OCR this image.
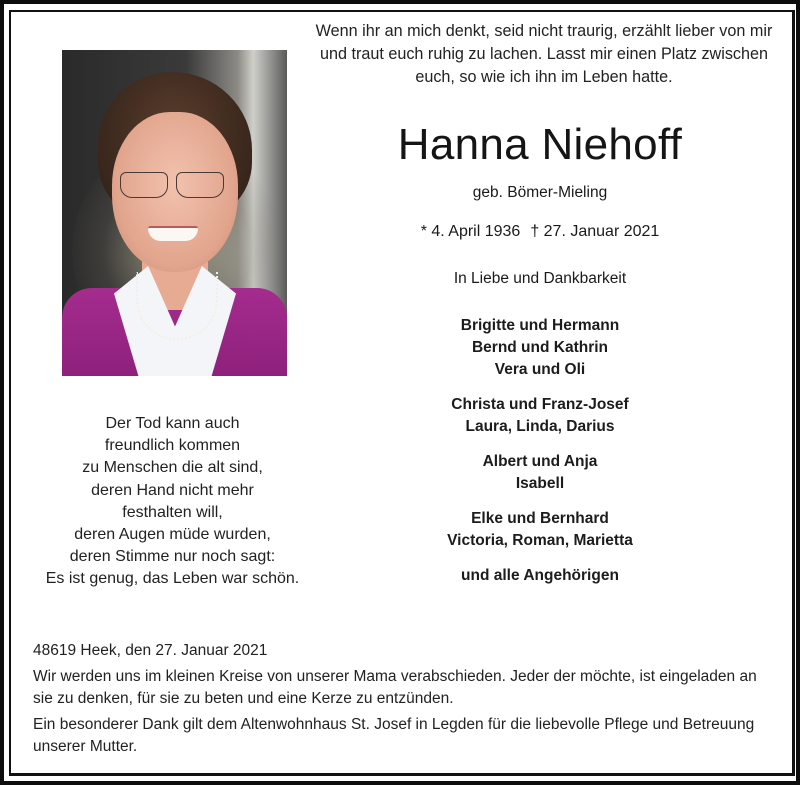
Wenn ihr an mich denkt, seid nicht traurig, erzählt lieber von mir und traut euch ruhig zu lachen. Lasst mir einen Platz zwischen euch, so wie ich ihn im Leben hatte.
Hanna Niehoff
geb. Bömer-Mieling
* 4. April 1936 † 27. Januar 2021
In Liebe und Dankbarkeit
Brigitte und Hermann
Bernd und Kathrin
Vera und Oli
Christa und Franz-Josef
Laura, Linda, Darius
Albert und Anja
Isabell
Elke und Bernhard
Victoria, Roman, Marietta
und alle Angehörigen
Der Tod kann auch
freundlich kommen
zu Menschen die alt sind,
deren Hand nicht mehr
festhalten will,
deren Augen müde wurden,
deren Stimme nur noch sagt:
Es ist genug, das Leben war schön.

48619 Heek, den 27. Januar 2021

Wir werden uns im kleinen Kreise von unserer Mama verabschieden. Jeder der möchte, ist eingeladen an sie zu denken, für sie zu beten und eine Kerze zu entzünden.

Ein besonderer Dank gilt dem Altenwohnhaus St. Josef in Legden für die liebevolle Pflege und Betreuung unserer Mutter.
